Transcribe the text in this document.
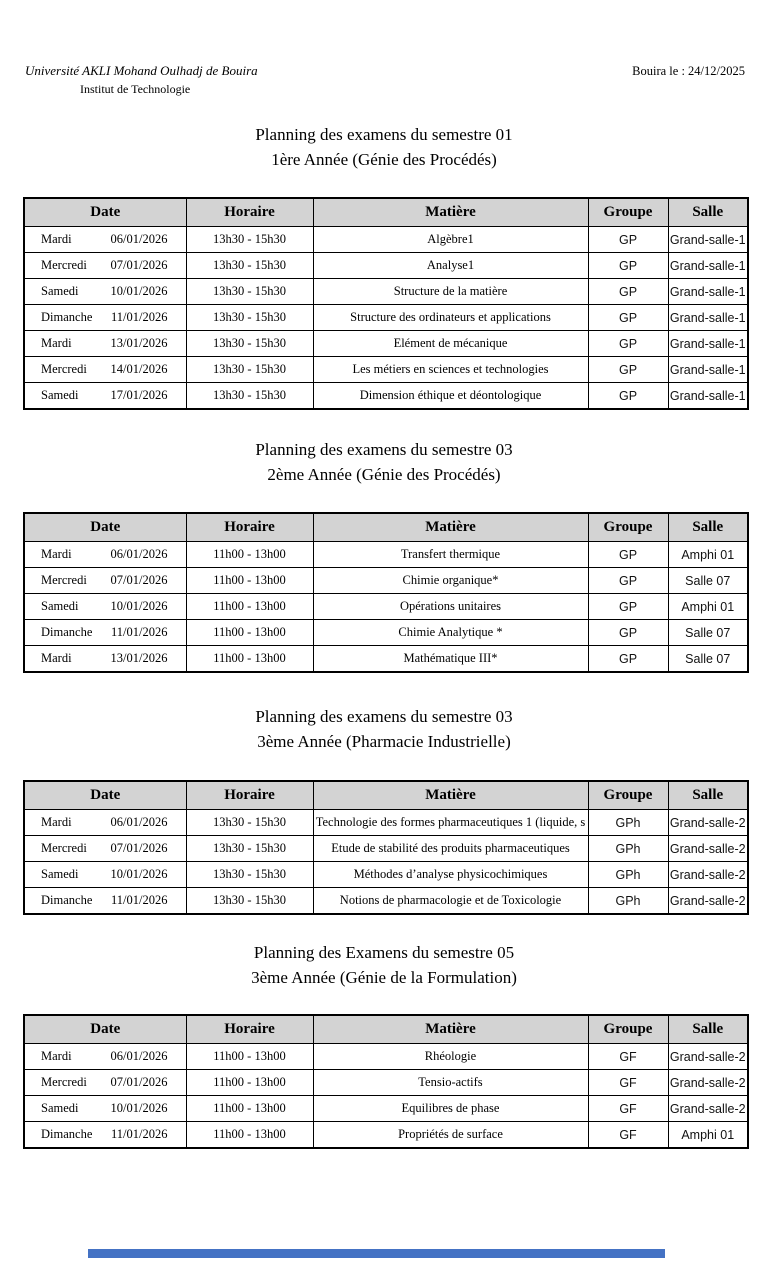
Université AKLI Mohand Oulhadj de Bouira
Institut de Technologie
Bouira le : 24/12/2025
Planning des examens du semestre 01
1ère Année (Génie des Procédés)
Date	Horaire	Matière	Groupe	Salle

Mardi 06/01/2026	13h30 - 15h30	Algèbre1	GP	Grand-salle-1

Mercredi 07/01/2026	13h30 - 15h30	Analyse1	GP	Grand-salle-1

Samedi 10/01/2026	13h30 - 15h30	Structure de la matière	GP	Grand-salle-1

Dimanche 11/01/2026	13h30 - 15h30	Structure des ordinateurs et applications	GP	Grand-salle-1

Mardi 13/01/2026	13h30 - 15h30	Elément de mécanique	GP	Grand-salle-1

Mercredi 14/01/2026	13h30 - 15h30	Les métiers en sciences et technologies	GP	Grand-salle-1

Samedi 17/01/2026	13h30 - 15h30	Dimension éthique et déontologique	GP	Grand-salle-1
Planning des examens du semestre 03
2ème Année (Génie des Procédés)
Date	Horaire	Matière	Groupe	Salle

Mardi 06/01/2026	11h00 - 13h00	Transfert thermique	GP	Amphi 01

Mercredi 07/01/2026	11h00 - 13h00	Chimie organique*	GP	Salle 07

Samedi 10/01/2026	11h00 - 13h00	Opérations unitaires	GP	Amphi 01

Dimanche 11/01/2026	11h00 - 13h00	Chimie Analytique *	GP	Salle 07

Mardi 13/01/2026	11h00 - 13h00	Mathématique III*	GP	Salle 07
Planning des examens du semestre 03
3ème Année (Pharmacie Industrielle)
Date	Horaire	Matière	Groupe	Salle

Mardi 06/01/2026	13h30 - 15h30	Technologie des formes pharmaceutiques 1 (liquide, s	GPh	Grand-salle-2

Mercredi 07/01/2026	13h30 - 15h30	Etude de stabilité des produits pharmaceutiques	GPh	Grand-salle-2

Samedi 10/01/2026	13h30 - 15h30	Méthodes d’analyse physicochimiques	GPh	Grand-salle-2

Dimanche 11/01/2026	13h30 - 15h30	Notions de pharmacologie et de Toxicologie	GPh	Grand-salle-2
Planning des Examens du semestre 05
3ème Année (Génie de la Formulation)
Date	Horaire	Matière	Groupe	Salle

Mardi 06/01/2026	11h00 - 13h00	Rhéologie	GF	Grand-salle-2

Mercredi 07/01/2026	11h00 - 13h00	Tensio-actifs	GF	Grand-salle-2

Samedi 10/01/2026	11h00 - 13h00	Equilibres de phase	GF	Grand-salle-2

Dimanche 11/01/2026	11h00 - 13h00	Propriétés de surface	GF	Amphi 01
